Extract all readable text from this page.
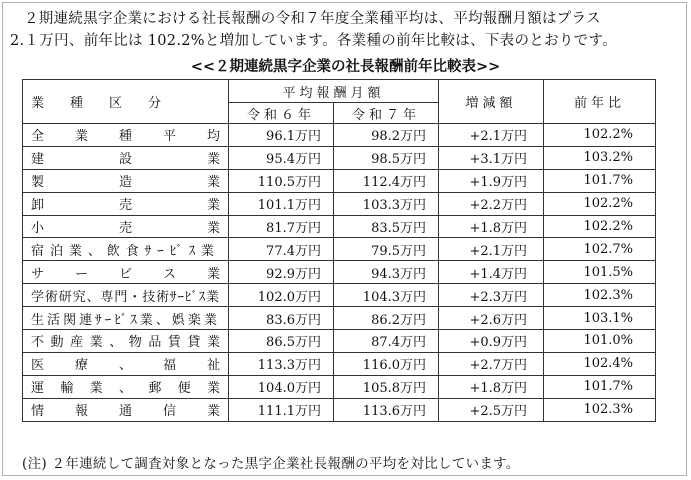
２期連続黒字企業における社長報酬の令和７年度全業種平均は、平均報酬月額はプラス
2.１万円、前年比は 102.2%と増加しています。各業種の前年比較は、下表のとおりです。

<<２期連続黒字企業の社長報酬前年比較表>>

業種区分	平均報酬月額		増減額	前年比
	令和６年	令和７年		

全業種平均	96.1万円	98.2万円	+2.1万円	102.2%

建設業	95.4万円	98.5万円	+3.1万円	103.2%

製造業	110.5万円	112.4万円	+1.9万円	101.7%

卸売業	101.1万円	103.3万円	+2.2万円	102.2%

小売業	81.7万円	83.5万円	+1.8万円	102.2%

宿泊業、飲食ｻｰﾋﾞｽ業	77.4万円	79.5万円	+2.1万円	102.7%

サービス業	92.9万円	94.3万円	+1.4万円	101.5%

学術研究、専門・技術ｻｰﾋﾞｽ業	102.0万円	104.3万円	+2.3万円	102.3%

生活関連ｻｰﾋﾞｽ業、娯楽業	83.6万円	86.2万円	+2.6万円	103.1%

不動産業、物品賃貸業	86.5万円	87.4万円	+0.9万円	101.0%

医療、福祉	113.3万円	116.0万円	+2.7万円	102.4%

運輸業、郵便業	104.0万円	105.8万円	+1.8万円	101.7%

情報通信業	111.1万円	113.6万円	+2.5万円	102.3%

(注) ２年連続して調査対象となった黒字企業社長報酬の平均を対比しています。
